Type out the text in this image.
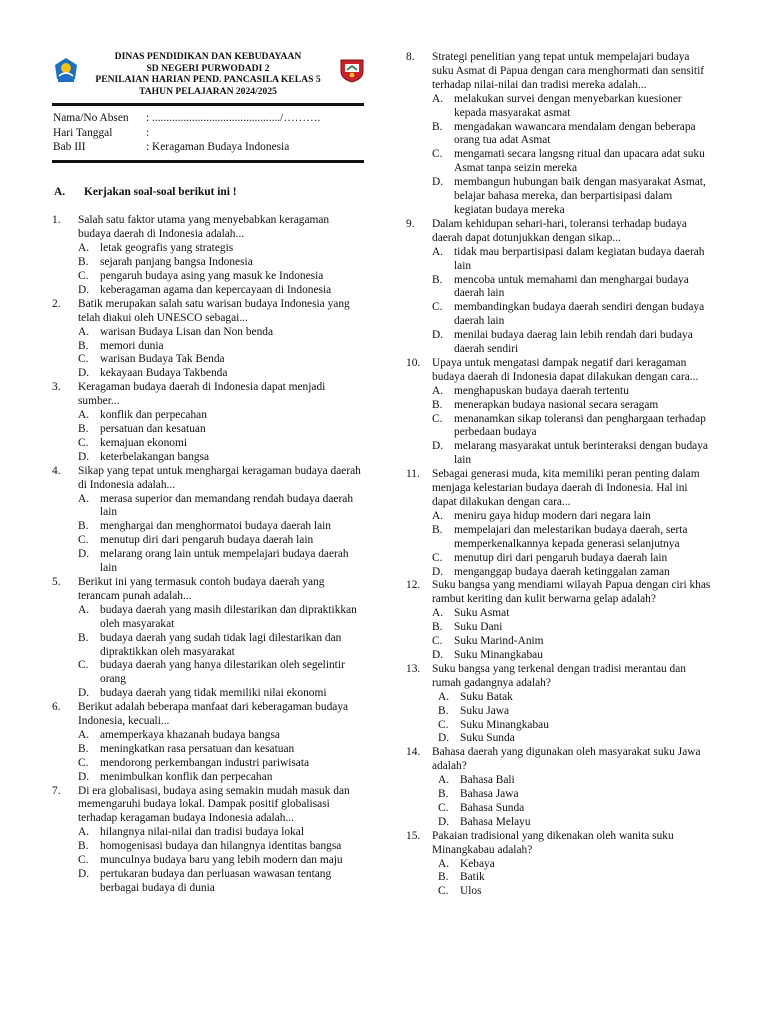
DINAS PENDIDIKAN DAN KEBUDAYAAN
SD NEGERI PURWODADI 2
PENILAIAN HARIAN PEND. PANCASILA KELAS 5
TAHUN PELAJARAN 2024/2025
Nama/No Absen	: ............................................./……….
Hari Tanggal	:
Bab III	: Keragaman Budaya Indonesia
A. Kerjakan soal-soal berikut ini !
1.	Salah satu faktor utama yang menyebabkan keragaman budaya daerah di Indonesia adalah...
A. letak geografis yang strategis
B.	sejarah panjang bangsa Indonesia
C.	pengaruh budaya asing yang masuk ke Indonesia
D. keberagaman agama dan kepercayaan di Indonesia
2.	Batik merupakan salah satu warisan budaya Indonesia yang telah diakui oleh UNESCO sebagai...
A. warisan Budaya Lisan dan Non benda
B.	memori dunia
C.	warisan Budaya Tak Benda
D. kekayaan Budaya Takbenda
3.	Keragaman budaya daerah di Indonesia dapat menjadi sumber...
A. konflik dan perpecahan
B.	persatuan dan kesatuan
C.	kemajuan ekonomi
D. keterbelakangan bangsa
4.	Sikap yang tepat untuk menghargai keragaman budaya daerah di Indonesia adalah...
A. merasa superior dan memandang rendah budaya daerah lain
B.	menghargai dan menghormatoi budaya daerah lain
C.	menutup diri dari pengaruh budaya daerah lain
D. melarang orang lain untuk mempelajari budaya daerah lain
5.	Berikut ini yang termasuk contoh budaya daerah yang terancam punah adalah...
A. budaya daerah yang masih dilestarikan dan dipraktikkan oleh masyarakat
B.	budaya daerah yang sudah tidak lagi dilestarikan dan dipraktikkan oleh masyarakat
C.	budaya daerah yang hanya dilestarikan oleh segelintir orang
D. budaya daerah yang tidak memiliki nilai ekonomi
6.	Berikut adalah beberapa manfaat dari keberagaman budaya Indonesia, kecuali...
A. amemperkaya khazanah budaya bangsa
B.	meningkatkan rasa persatuan dan kesatuan
C.	mendorong perkembangan industri pariwisata
D. menimbulkan konflik dan perpecahan
7.	Di era globalisasi, budaya asing semakin mudah masuk dan memengaruhi budaya lokal. Dampak positif globalisasi terhadap keragaman budaya Indonesia adalah...
A. hilangnya nilai-nilai dan tradisi budaya lokal
B.	homogenisasi budaya dan hilangnya identitas bangsa
C.	munculnya budaya baru yang lebih modern dan maju
D. pertukaran budaya dan perluasan wawasan tentang berbagai budaya di dunia
8.	Strategi penelitian yang tepat untuk mempelajari budaya suku Asmat di Papua dengan cara menghormati dan sensitif terhadap nilai-nilai dan tradisi mereka adalah...
A. melakukan survei dengan menyebarkan kuesioner kepada masyarakat asmat
B.	mengadakan wawancara mendalam dengan beberapa orang tua adat Asmat
C.	mengamati secara langsng ritual dan upacara adat suku Asmat tanpa seizin mereka
D. membangun hubungan baik dengan masyarakat Asmat, belajar bahasa mereka, dan berpartisipasi dalam kegiatan budaya mereka
9.	Dalam kehidupan sehari-hari, toleransi terhadap budaya daerah dapat dotunjukkan dengan sikap...
A. tidak mau berpartisipasi dalam kegiatan budaya daerah lain
B.	mencoba untuk memahami dan menghargai budaya daerah lain
C.	membandingkan budaya daerah sendiri dengan budaya daerah lain
D. menilai budaya daerag lain lebih rendah dari budaya daerah sendiri
10.	Upaya untuk mengatasi dampak negatif dari keragaman budaya daerah di Indonesia dapat dilakukan dengan cara...
A. menghapuskan budaya daerah tertentu
B.	menerapkan budaya nasional secara seragam
C.	menanamkan sikap toleransi dan penghargaan terhadap perbedaan budaya
D. melarang masyarakat untuk berinteraksi dengan budaya lain
11.	Sebagai generasi muda, kita memiliki peran penting dalam menjaga kelestarian budaya daerah di Indonesia. Hal ini dapat dilakukan dengan cara...
A. meniru gaya hidup modern dari negara lain
B.	mempelajari dan melestarikan budaya daerah, serta memperkenalkannya kepada generasi selanjutnya
C.	menutup diri dari pengaruh budaya daerah lain
D. menganggap budaya daerah ketinggalan zaman
12.	Suku bangsa yang mendiami wilayah Papua dengan ciri khas rambut keriting dan kulit berwarna gelap adalah?
A. Suku Asmat
B.	Suku Dani
C.	Suku Marind-Anim
D. Suku Minangkabau
13.	Suku bangsa yang terkenal dengan tradisi merantau dan rumah gadangnya adalah?
A. Suku Batak
B.	Suku Jawa
C.	Suku Minangkabau
D. Suku Sunda
14.	Bahasa daerah yang digunakan oleh masyarakat suku Jawa adalah?
A. Bahasa Bali
B.	Bahasa Jawa
C.	Bahasa Sunda
D. Bahasa Melayu
15.	Pakaian tradisional yang dikenakan oleh wanita suku Minangkabau adalah?
A. Kebaya
B.	Batik
C.	Ulos
